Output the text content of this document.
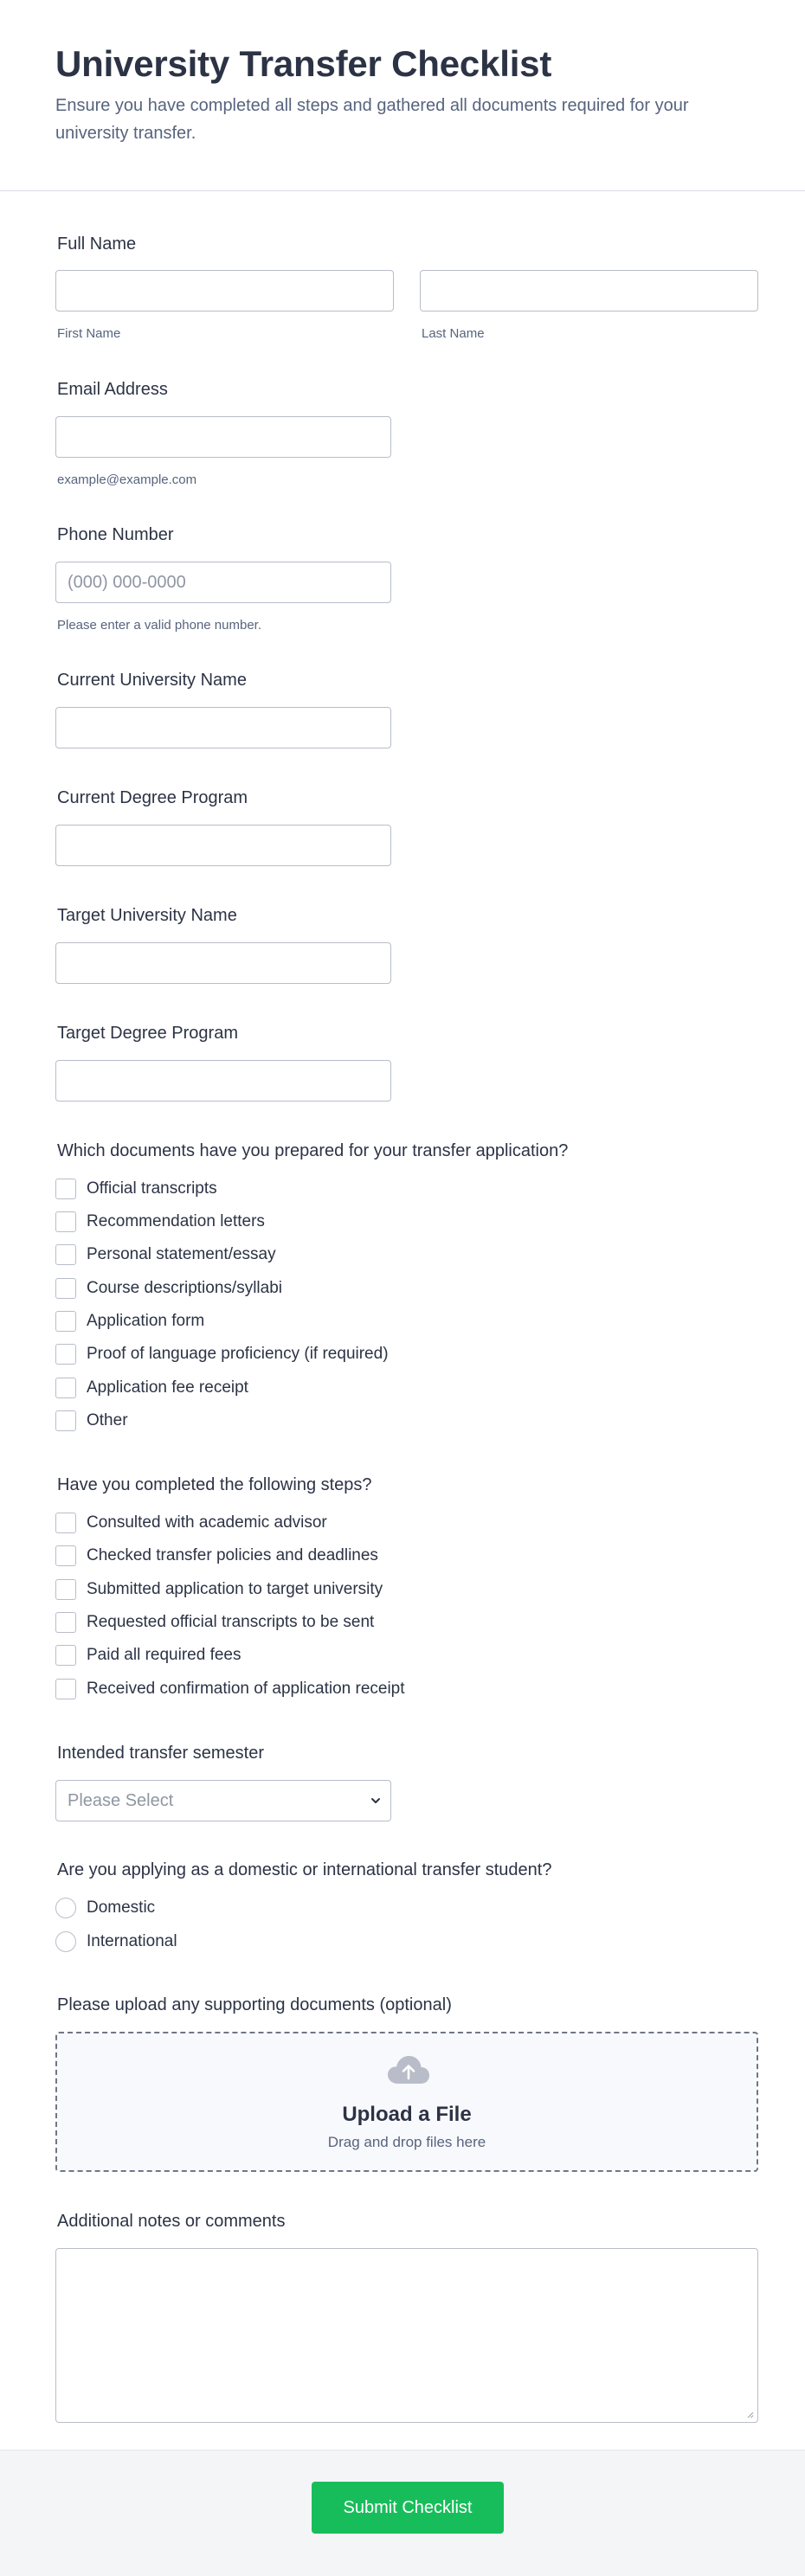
University Transfer Checklist
Ensure you have completed all steps and gathered all documents required for your university transfer.
Full Name
First Name	Last Name
Email Address
example@example.com
Phone Number
(000) 000-0000
Please enter a valid phone number.
Current University Name
Current Degree Program
Target University Name
Target Degree Program
Which documents have you prepared for your transfer application?
Official transcripts
Recommendation letters
Personal statement/essay
Course descriptions/syllabi
Application form
Proof of language proficiency (if required)
Application fee receipt
Other
Have you completed the following steps?
Consulted with academic advisor
Checked transfer policies and deadlines
Submitted application to target university
Requested official transcripts to be sent
Paid all required fees
Received confirmation of application receipt
Intended transfer semester
Please Select
Are you applying as a domestic or international transfer student?
Domestic
International
Please upload any supporting documents (optional)
Upload a File
Drag and drop files here
Additional notes or comments
Submit Checklist
